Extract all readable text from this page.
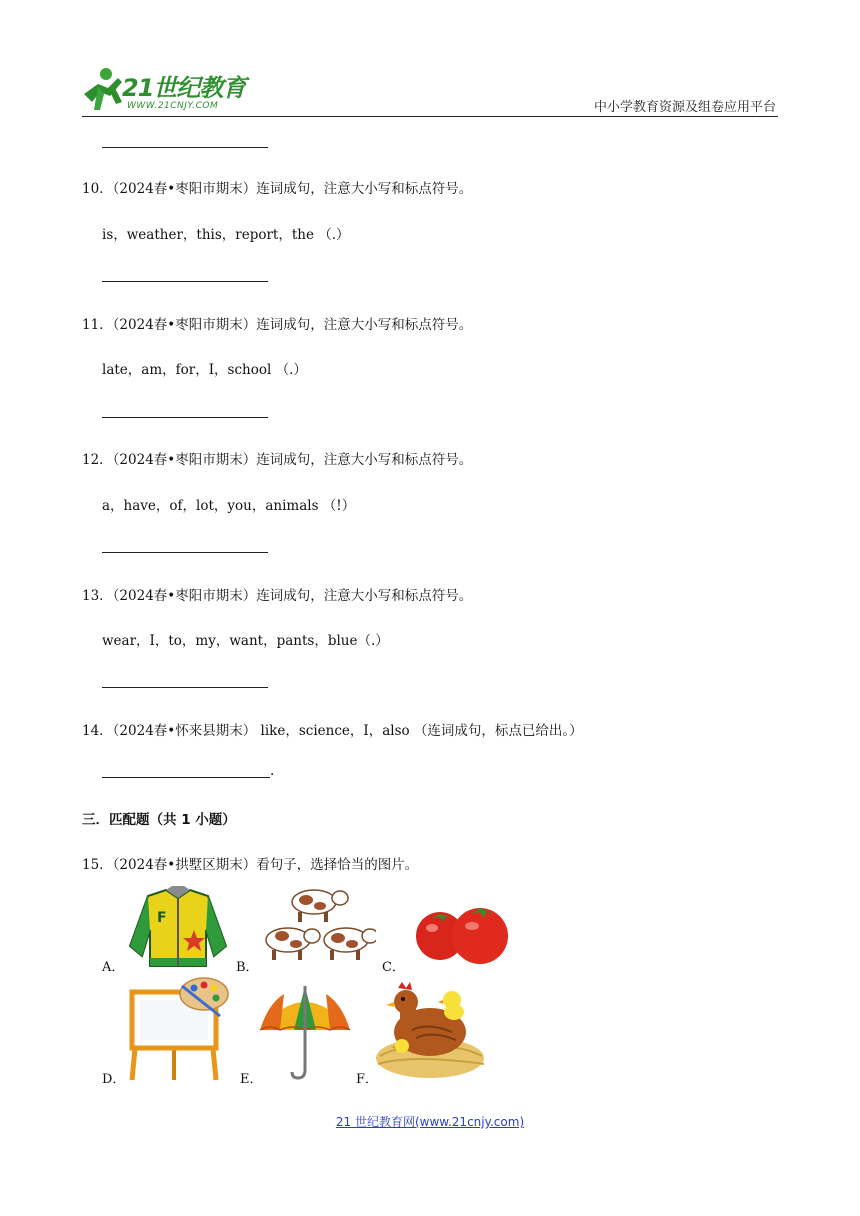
21世纪教育
WWW.21CNJY.COM	中小学教育资源及组卷应用平台
10．（2024春•枣阳市期末）连词成句，注意大小写和标点符号。
is，weather，this，report，the （.）
11．（2024春•枣阳市期末）连词成句，注意大小写和标点符号。
late，am，for，I，school （.）
12．（2024春•枣阳市期末）连词成句，注意大小写和标点符号。
a，have，of，lot，you，animals （!）
13．（2024春•枣阳市期末）连词成句，注意大小写和标点符号。
wear，I，to，my，want，pants，blue（.）
14．（2024春•怀来县期末） like，science，I，also （连词成句，标点已给出。）
.
三．匹配题（共 1 小题）
15．（2024春•拱墅区期末）看句子，选择恰当的图片。
A．
F
B．	C．
D．	E．	F．
21 世纪教育网(www.21cnjy.com)
